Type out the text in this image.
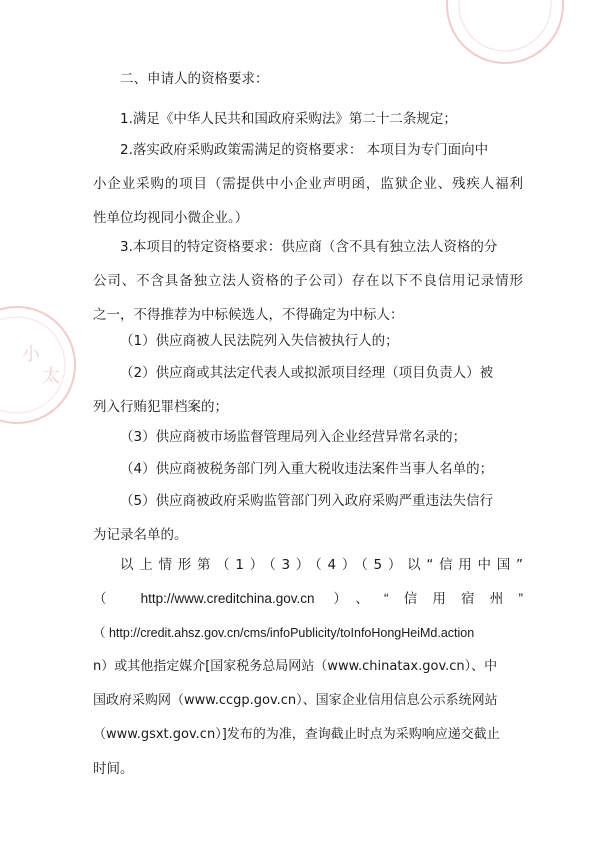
小
太

二、申请人的资格要求：

1.满足《中华人民共和国政府采购法》第二十二条规定；

2.落实政府采购政策需满足的资格要求： 本项目为专门面向中
小企业采购的项目（需提供中小企业声明函，监狱企业、残疾人福利
性单位均视同小微企业。）
3.本项目的特定资格要求：供应商（含不具有独立法人资格的分
公司、不含具备独立法人资格的子公司）存在以下不良信用记录情形
之一，不得推荐为中标候选人，不得确定为中标人：

（1）供应商被人民法院列入失信被执行人的；

（2）供应商或其法定代表人或拟派项目经理（项目负责人）被
列入行贿犯罪档案的；

（3）供应商被市场监督管理局列入企业经营异常名录的；

（4）供应商被税务部门列入重大税收违法案件当事人名单的；

（5）供应商被政府采购监管部门列入政府采购严重违法失信行
为记录名单的。
以上情形第（1）（3）（4）（5）以“信用中国”
（ http://www.creditchina.gov.cn ）、“信用宿州”
（ http://credit.ahsz.gov.cn/cms/infoPublicity/toInfoHongHeiMd.action
n）或其他指定媒介[国家税务总局网站（www.chinatax.gov.cn）、中
国政府采购网（www.ccgp.gov.cn）、国家企业信用信息公示系统网站
（www.gsxt.gov.cn）]发布的为准，查询截止时点为采购响应递交截止
时间。
